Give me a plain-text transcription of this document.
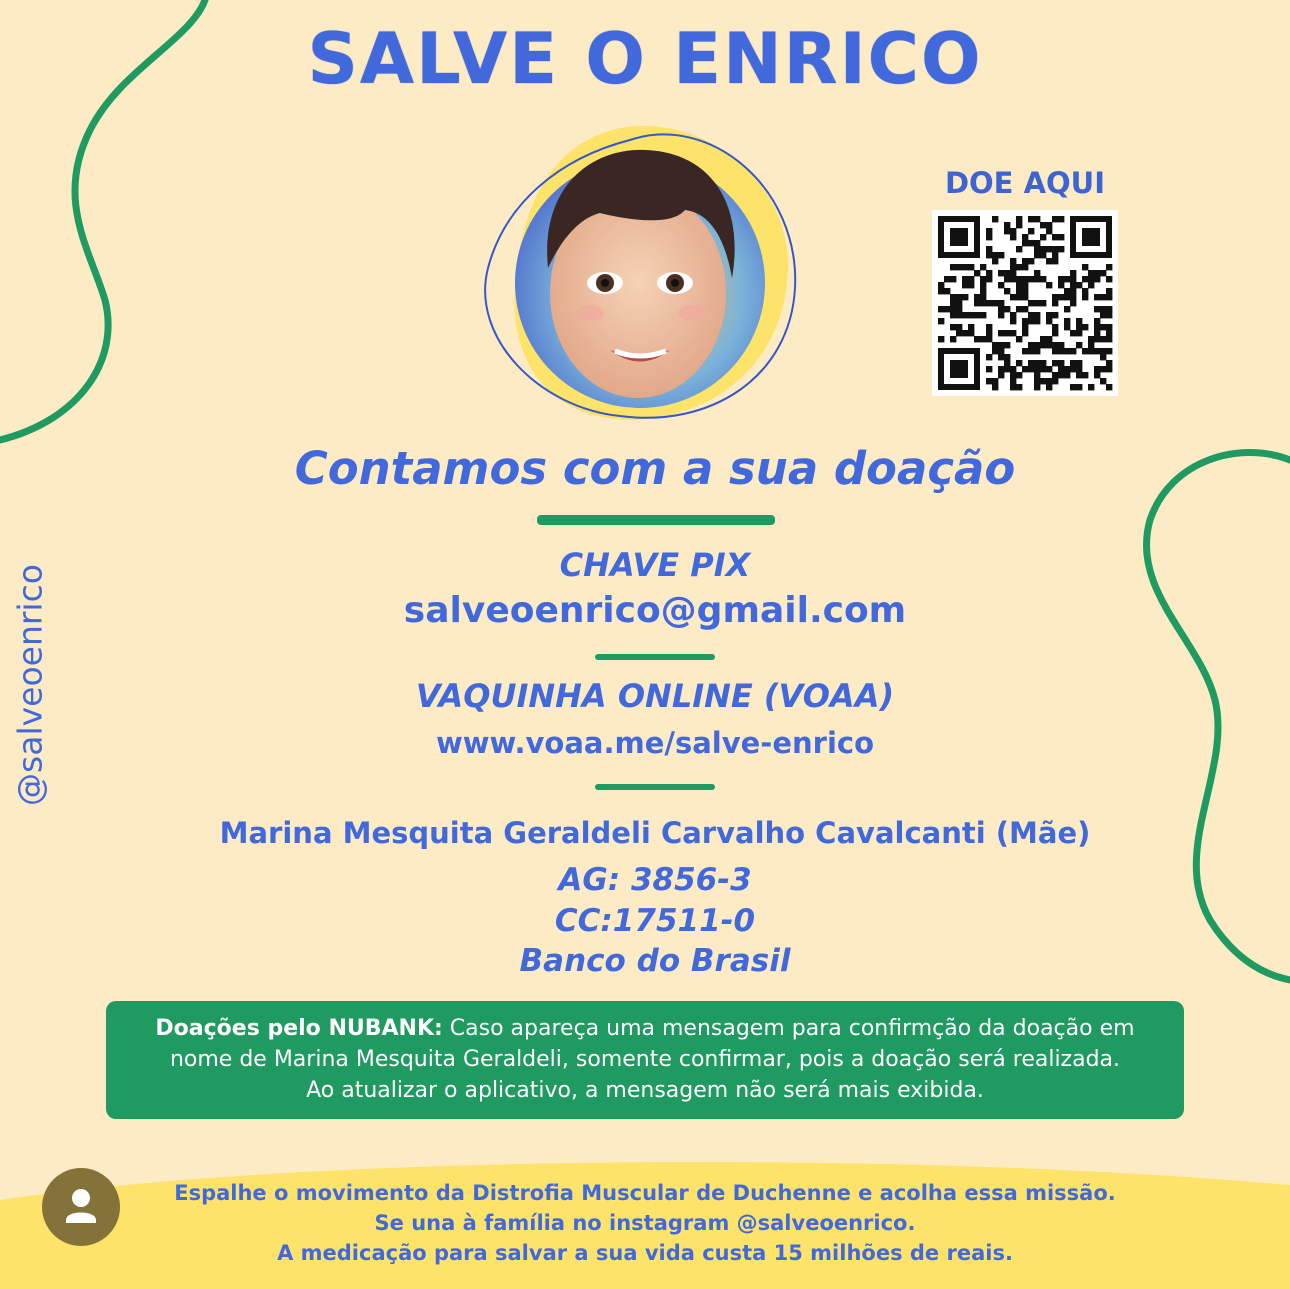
SALVE O ENRICO
DOE AQUI
Contamos com a sua doação
CHAVE PIX
salveoenrico@gmail.com
VAQUINHA ONLINE (VOAA)
www.voaa.me/salve-enrico
Marina Mesquita Geraldeli Carvalho Cavalcanti (Mãe)
AG: 3856-3
CC:17511-0
Banco do Brasil
@salveoenrico
Doações pelo NUBANK: Caso apareça uma mensagem para confirmção da doação em
nome de Marina Mesquita Geraldeli, somente confirmar, pois a doação será realizada.
Ao atualizar o aplicativo, a mensagem não será mais exibida.
Espalhe o movimento da Distrofia Muscular de Duchenne e acolha essa missão.
Se una à família no instagram @salveoenrico.
A medicação para salvar a sua vida custa 15 milhões de reais.
